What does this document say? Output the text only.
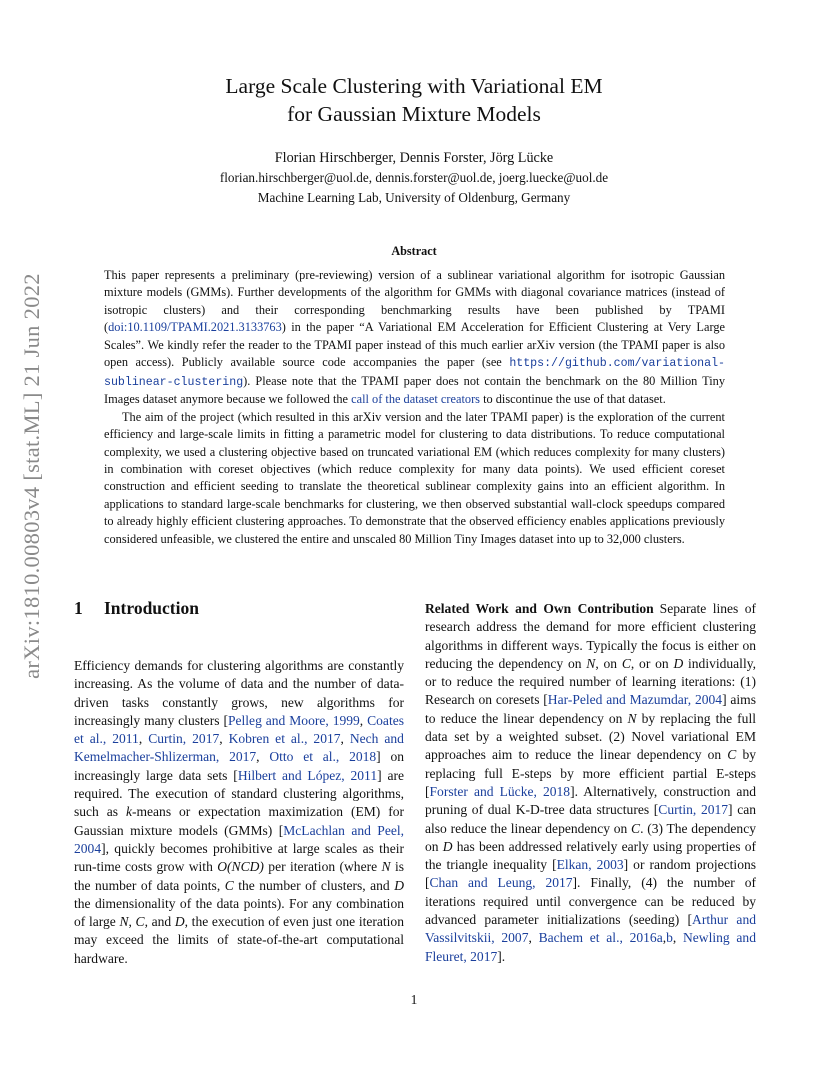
arXiv:1810.00803v4 [stat.ML] 21 Jun 2022
Large Scale Clustering with Variational EM
for Gaussian Mixture Models
Florian Hirschberger, Dennis Forster, Jörg Lücke
florian.hirschberger@uol.de, dennis.forster@uol.de, joerg.luecke@uol.de
Machine Learning Lab, University of Oldenburg, Germany
Abstract

This paper represents a preliminary (pre-reviewing) version of a sublinear variational algorithm for isotropic Gaussian mixture models (GMMs). Further developments of the algorithm for GMMs with diagonal covariance matrices (instead of isotropic clusters) and their corresponding benchmarking results have been published by TPAMI (doi:10.1109/TPAMI.2021.3133763) in the paper “A Variational EM Acceleration for Efficient Clustering at Very Large Scales”. We kindly refer the reader to the TPAMI paper instead of this much earlier arXiv version (the TPAMI paper is also open access). Publicly available source code accompanies the paper (see https://github.com/variational-sublinear-clustering). Please note that the TPAMI paper does not contain the benchmark on the 80 Million Tiny Images dataset anymore because we followed the call of the dataset creators to discontinue the use of that dataset.

The aim of the project (which resulted in this arXiv version and the later TPAMI paper) is the exploration of the current efficiency and large-scale limits in fitting a parametric model for clustering to data distributions. To reduce computational complexity, we used a clustering objective based on truncated variational EM (which reduces complexity for many clusters) in combination with coreset objectives (which reduce complexity for many data points). We used efficient coreset construction and efficient seeding to translate the theoretical sublinear complexity gains into an efficient algorithm. In applications to standard large-scale benchmarks for clustering, we then observed substantial wall-clock speedups compared to already highly efficient clustering approaches. To demonstrate that the observed efficiency enables applications previously considered unfeasible, we clustered the entire and unscaled 80 Million Tiny Images dataset into up to 32,000 clusters.

1 Introduction

Efficiency demands for clustering algorithms are constantly increasing. As the volume of data and the number of data-driven tasks constantly grows, new algorithms for increasingly many clusters [Pelleg and Moore, 1999, Coates et al., 2011, Curtin, 2017, Kobren et al., 2017, Nech and Kemelmacher-Shlizerman, 2017, Otto et al., 2018] on increasingly large data sets [Hilbert and López, 2011] are required. The execution of standard clustering algorithms, such as k-means or expectation maximization (EM) for Gaussian mixture models (GMMs) [McLachlan and Peel, 2004], quickly becomes prohibitive at large scales as their run-time costs grow with O(NCD) per iteration (where N is the number of data points, C the number of clusters, and D the dimensionality of the data points). For any combination of large N, C, and D, the execution of even just one iteration may exceed the limits of state-of-the-art computational hardware.

Related Work and Own Contribution Separate lines of research address the demand for more efficient clustering algorithms in different ways. Typically the focus is either on reducing the dependency on N, on C, or on D individually, or to reduce the required number of learning iterations: (1) Research on coresets [Har-Peled and Mazumdar, 2004] aims to reduce the linear dependency on N by replacing the full data set by a weighted subset. (2) Novel variational EM approaches aim to reduce the linear dependency on C by replacing full E-steps by more efficient partial E-steps [Forster and Lücke, 2018]. Alternatively, construction and pruning of dual K-D-tree data structures [Curtin, 2017] can also reduce the linear dependency on C. (3) The dependency on D has been addressed relatively early using properties of the triangle inequality [Elkan, 2003] or random projections [Chan and Leung, 2017]. Finally, (4) the number of iterations required until convergence can be reduced by advanced parameter initializations (seeding) [Arthur and Vassilvitskii, 2007, Bachem et al., 2016a,b, Newling and Fleuret, 2017].

1
